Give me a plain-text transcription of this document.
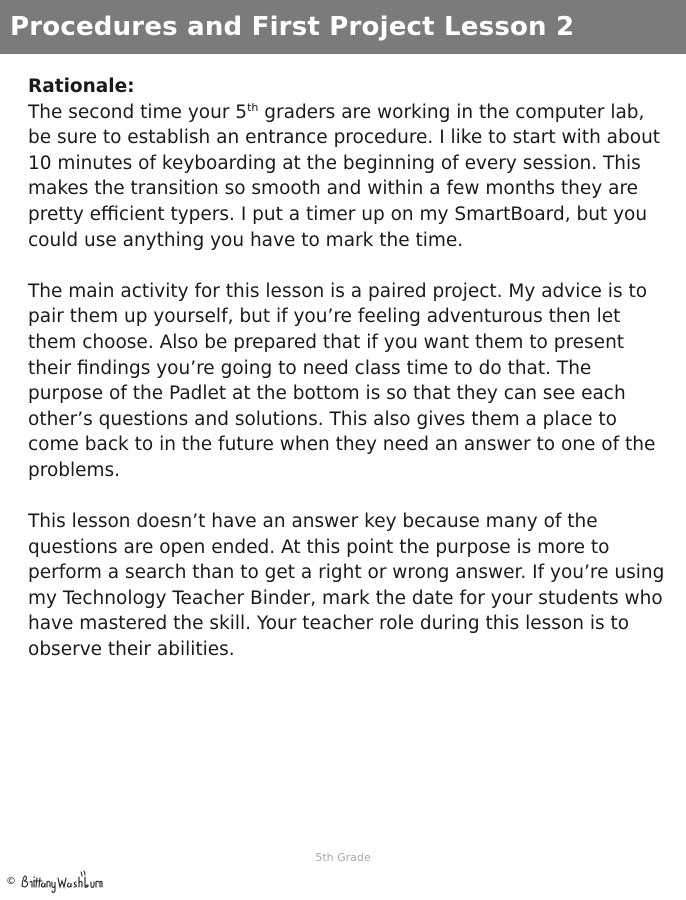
Procedures and First Project Lesson 2

Rationale:

The second time your 5th graders are working in the computer lab, be sure to establish an entrance procedure. I like to start with about 10 minutes of keyboarding at the beginning of every session. This makes the transition so smooth and within a few months they are pretty efficient typers. I put a timer up on my SmartBoard, but you could use anything you have to mark the time.

The main activity for this lesson is a paired project. My advice is to pair them up yourself, but if you’re feeling adventurous then let them choose. Also be prepared that if you want them to present their findings you’re going to need class time to do that. The purpose of the Padlet at the bottom is so that they can see each other’s questions and solutions. This also gives them a place to come back to in the future when they need an answer to one of the problems.

This lesson doesn’t have an answer key because many of the questions are open ended. At this point the purpose is more to perform a search than to get a right or wrong answer. If you’re using my Technology Teacher Binder, mark the date for your students who have mastered the skill. Your teacher role during this lesson is to observe their abilities.

5th Grade
©
